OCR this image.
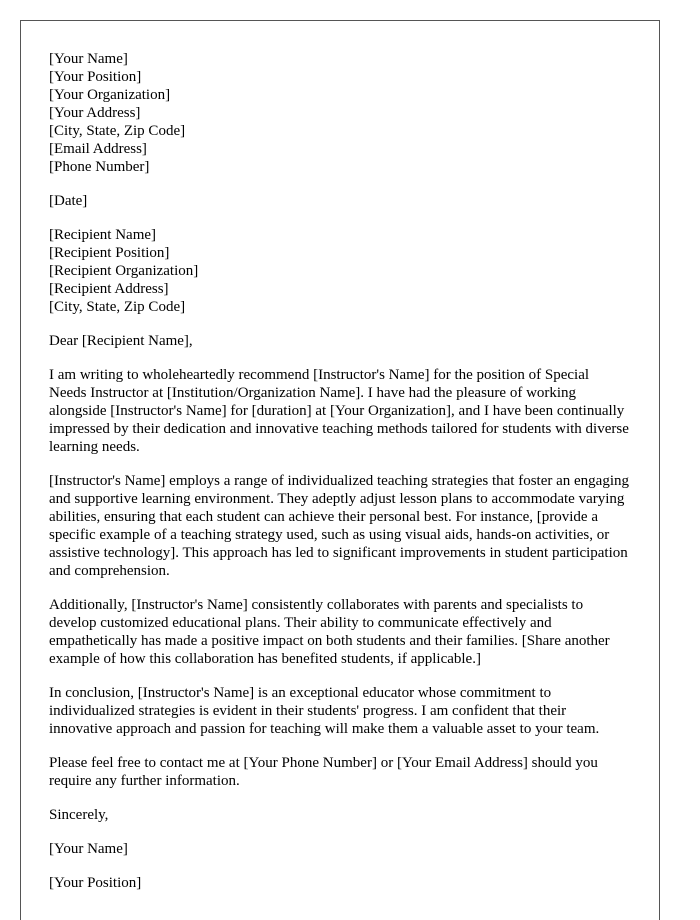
[Your Name]
[Your Position]
[Your Organization]
[Your Address]
[City, State, Zip Code]
[Email Address]
[Phone Number]
[Date]
[Recipient Name]
[Recipient Position]
[Recipient Organization]
[Recipient Address]
[City, State, Zip Code]
Dear [Recipient Name],

I am writing to wholeheartedly recommend [Instructor's Name] for the position of Special Needs Instructor at [Institution/Organization Name]. I have had the pleasure of working alongside [Instructor's Name] for [duration] at [Your Organization], and I have been continually impressed by their dedication and innovative teaching methods tailored for students with diverse learning needs.

[Instructor's Name] employs a range of individualized teaching strategies that foster an engaging and supportive learning environment. They adeptly adjust lesson plans to accommodate varying abilities, ensuring that each student can achieve their personal best. For instance, [provide a specific example of a teaching strategy used, such as using visual aids, hands-on activities, or assistive technology]. This approach has led to significant improvements in student participation and comprehension.

Additionally, [Instructor's Name] consistently collaborates with parents and specialists to develop customized educational plans. Their ability to communicate effectively and empathetically has made a positive impact on both students and their families. [Share another example of how this collaboration has benefited students, if applicable.]

In conclusion, [Instructor's Name] is an exceptional educator whose commitment to individualized strategies is evident in their students' progress. I am confident that their innovative approach and passion for teaching will make them a valuable asset to your team.

Please feel free to contact me at [Your Phone Number] or [Your Email Address] should you require any further information.

Sincerely,
[Your Name]
[Your Position]
